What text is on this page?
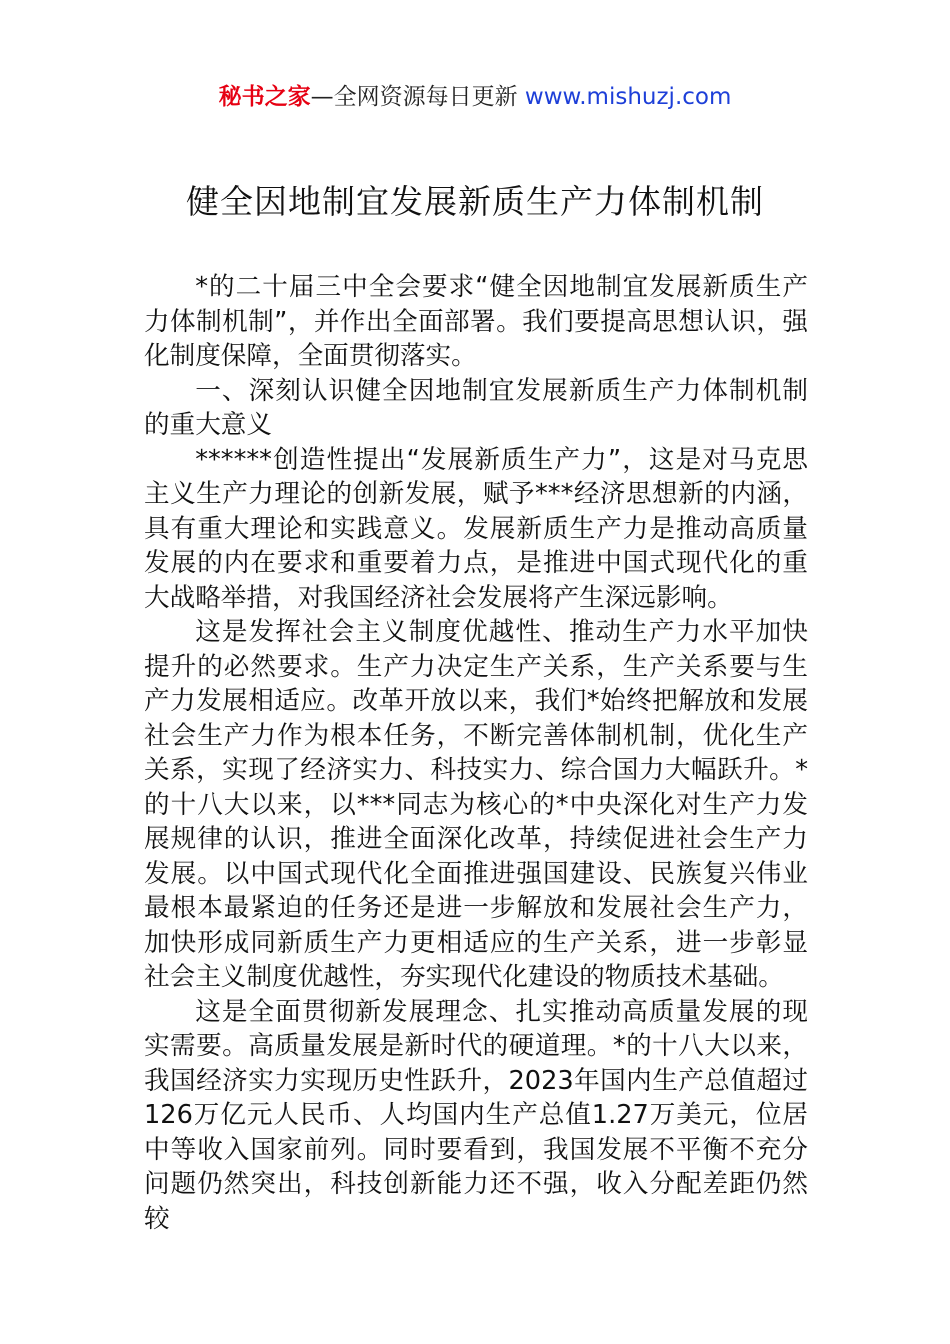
秘书之家—全网资源每日更新 www.mishuzj.com
健全因地制宜发展新质生产力体制机制

*的二十届三中全会要求“健全因地制宜发展新质生产力体制机制”，并作出全面部署。我们要提高思想认识，强化制度保障，全面贯彻落实。

一、深刻认识健全因地制宜发展新质生产力体制机制的重大意义

******创造性提出“发展新质生产力”，这是对马克思主义生产力理论的创新发展，赋予***经济思想新的内涵，具有重大理论和实践意义。发展新质生产力是推动高质量发展的内在要求和重要着力点，是推进中国式现代化的重大战略举措，对我国经济社会发展将产生深远影响。

这是发挥社会主义制度优越性、推动生产力水平加快提升的必然要求。生产力决定生产关系，生产关系要与生产力发展相适应。改革开放以来，我们*始终把解放和发展社会生产力作为根本任务，不断完善体制机制，优化生产关系，实现了经济实力、科技实力、综合国力大幅跃升。*的十八大以来，以***同志为核心的*中央深化对生产力发展规律的认识，推进全面深化改革，持续促进社会生产力发展。以中国式现代化全面推进强国建设、民族复兴伟业最根本最紧迫的任务还是进一步解放和发展社会生产力，加快形成同新质生产力更相适应的生产关系，进一步彰显社会主义制度优越性，夯实现代化建设的物质技术基础。

这是全面贯彻新发展理念、扎实推动高质量发展的现实需要。高质量发展是新时代的硬道理。*的十八大以来，我国经济实力实现历史性跃升，2023年国内生产总值超过126万亿元人民币、人均国内生产总值1.27万美元，位居中等收入国家前列。同时要看到，我国发展不平衡不充分问题仍然突出，科技创新能力还不强，收入分配差距仍然较
